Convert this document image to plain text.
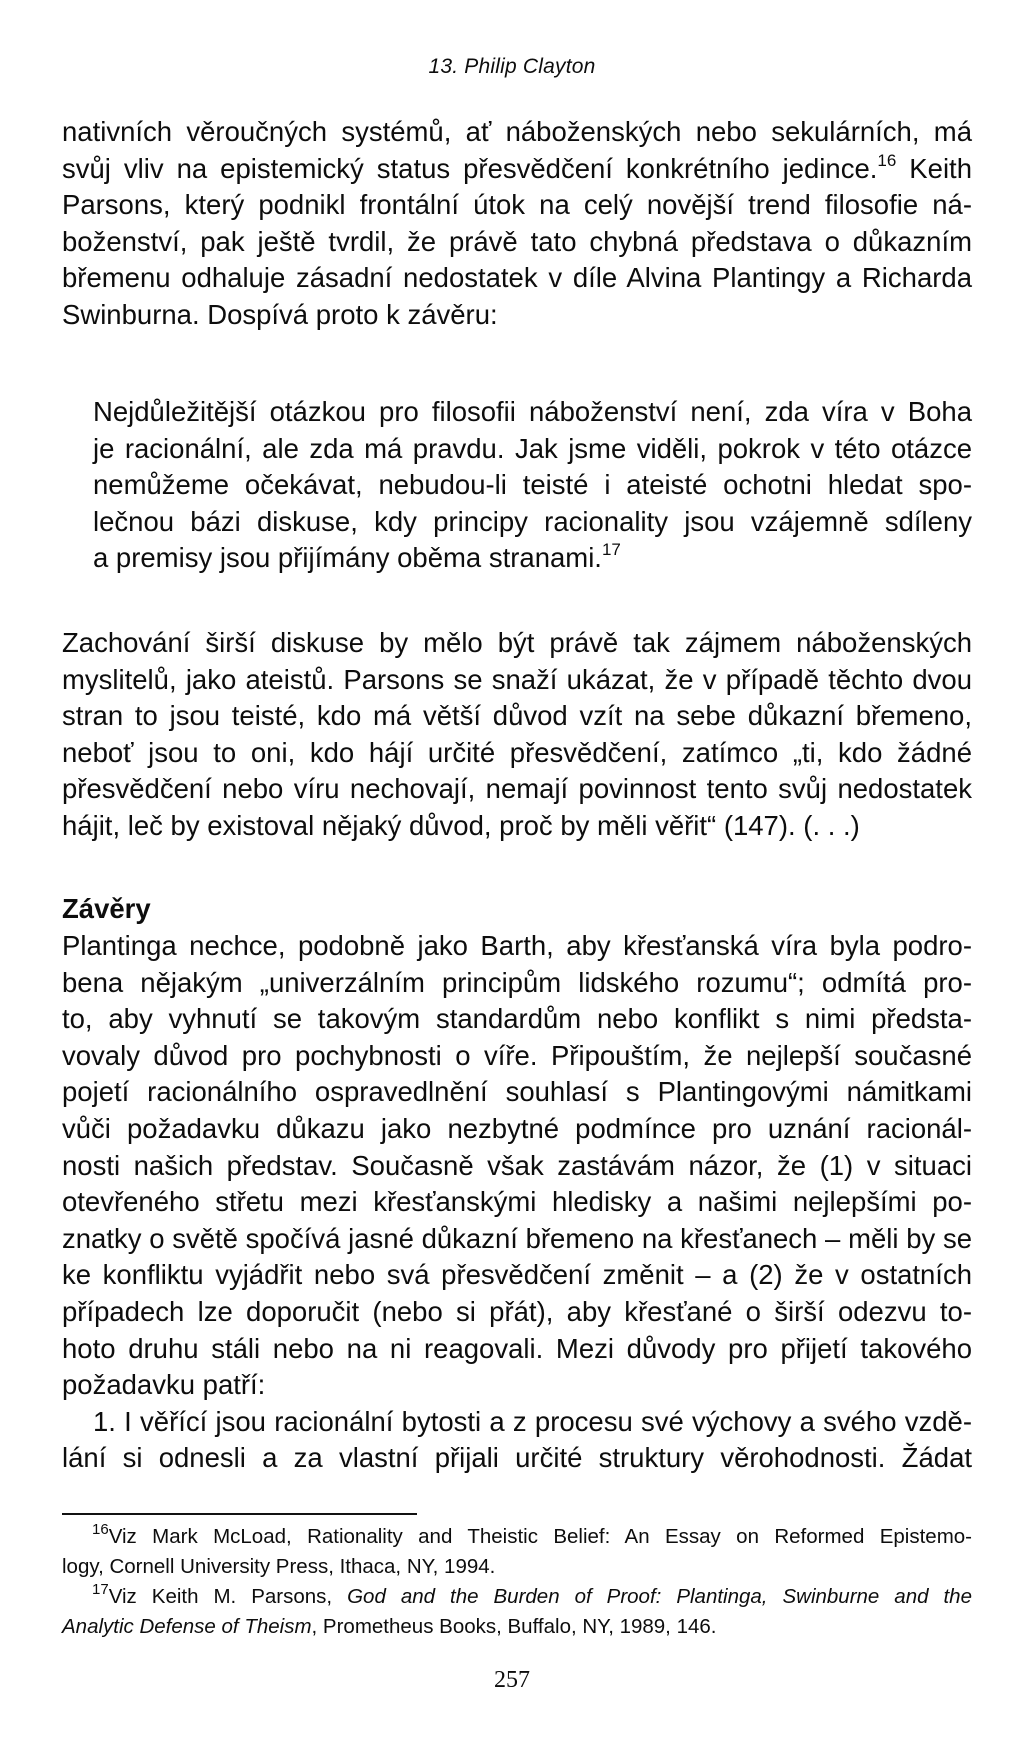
13. Philip Clayton
nativních věroučných systémů, ať náboženských nebo sekulárních, má
svůj vliv na epistemický status přesvědčení konkrétního jedince.$^{16}$ Keith
Parsons, který podnikl frontální útok na celý novější trend filosofie ná-
boženství, pak ještě tvrdil, že právě tato chybná představa o důkazním
břemenu odhaluje zásadní nedostatek v díle Alvina Plantingy a Richarda
Swinburna. Dospívá proto k závěru:
Nejdůležitější otázkou pro filosofii náboženství není, zda víra v Boha
je racionální, ale zda má pravdu. Jak jsme viděli, pokrok v této otázce
nemůžeme očekávat, nebudou-li teisté i ateisté ochotni hledat spo-
lečnou bázi diskuse, kdy principy racionality jsou vzájemně sdíleny
a premisy jsou přijímány oběma stranami.$^{17}$
Zachování širší diskuse by mělo být právě tak zájmem náboženských
myslitelů, jako ateistů. Parsons se snaží ukázat, že v případě těchto dvou
stran to jsou teisté, kdo má větší důvod vzít na sebe důkazní břemeno,
neboť jsou to oni, kdo hájí určité přesvědčení, zatímco „ti, kdo žádné
přesvědčení nebo víru nechovají, nemají povinnost tento svůj nedostatek
hájit, leč by existoval nějaký důvod, proč by měli věřit“ (147). (. . .)
Závěry
Plantinga nechce, podobně jako Barth, aby křesťanská víra byla podro-
bena nějakým „univerzálním principům lidského rozumu“; odmítá pro-
to, aby vyhnutí se takovým standardům nebo konflikt s nimi předsta-
vovaly důvod pro pochybnosti o víře. Připouštím, že nejlepší současné
pojetí racionálního ospravedlnění souhlasí s Plantingovými námitkami
vůči požadavku důkazu jako nezbytné podmínce pro uznání racionál-
nosti našich představ. Současně však zastávám názor, že (1) v situaci
otevřeného střetu mezi křesťanskými hledisky a našimi nejlepšími po-
znatky o světě spočívá jasné důkazní břemeno na křesťanech – měli by se
ke konfliktu vyjádřit nebo svá přesvědčení změnit – a (2) že v ostatních
případech lze doporučit (nebo si přát), aby křesťané o širší odezvu to-
hoto druhu stáli nebo na ni reagovali. Mezi důvody pro přijetí takového
požadavku patří:
1. I věřící jsou racionální bytosti a z procesu své výchovy a svého vzdě-
lání si odnesli a za vlastní přijali určité struktury věrohodnosti. Žádat
$^{16}$Viz Mark McLoad, Rationality and Theistic Belief: An Essay on Reformed Epistemo-
logy, Cornell University Press, Ithaca, NY, 1994.
$^{17}$Viz Keith M. Parsons, God and the Burden of Proof: Plantinga, Swinburne and the
Analytic Defense of Theism, Prometheus Books, Buffalo, NY, 1989, 146.
257
